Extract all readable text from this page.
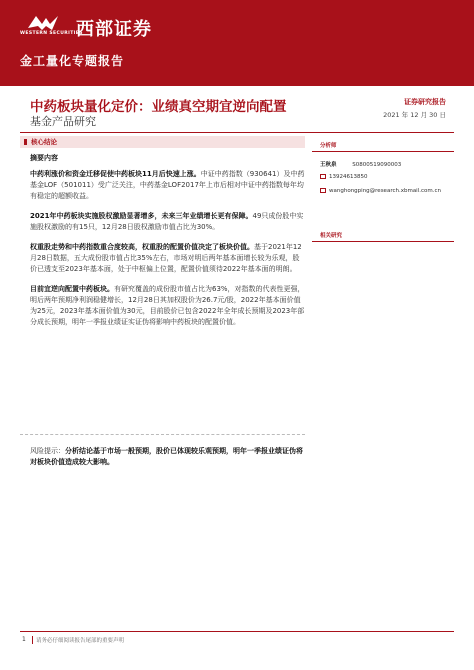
WESTERN SECURITIES
西部证券
金工量化专题报告
中药板块量化定价：业绩真空期宜逆向配置
基金产品研究
证券研究报告
2021 年 12 月 30 日
核心结论
摘要内容
中药利涨价和资金迁移促使中药板块11月后快速上涨。中证中药指数（930641）及中药基金LOF（501011）受广泛关注，中药基金LOF2017年上市后相对中证中药指数每年均有稳定的超额收益。
2021年中药板块实施股权激励显著增多，未来三年业绩增长更有保障。49只成份股中实施股权激励的有15只，12月28日股权激励市值占比为30%。
权重股走势和中药指数重合度较高，权重股的配置价值决定了板块价值。基于2021年12月28日数据，五大成份股市值占比35%左右，市场对明后两年基本面增长较为乐观，股价已透支至2023年基本面，处于中枢偏上位置，配置价值须待2022年基本面的明朗。
目前宜逆向配置中药板块。有研究覆盖的成份股市值占比为63%，对指数的代表性更强，明后两年预期净利润稳健增长，12月28日其加权股价为26.7元/股，2022年基本面价值为25元，2023年基本面价值为30元，目前股价已包含2022年全年成长预期及2023年部分成长预期，明年一季报业绩证实证伪将影响中药板块的配置价值。
风险提示：分析结论基于市场一般预期，股价已体现较乐观预期，明年一季报业绩证伪将对板块价值造成较大影响。
分析师
王秋泉	S0800519090003
13924613850
wanghongping@research.xbmail.com.cn
相关研究
1 请务必仔细阅读报告尾部的重要声明
